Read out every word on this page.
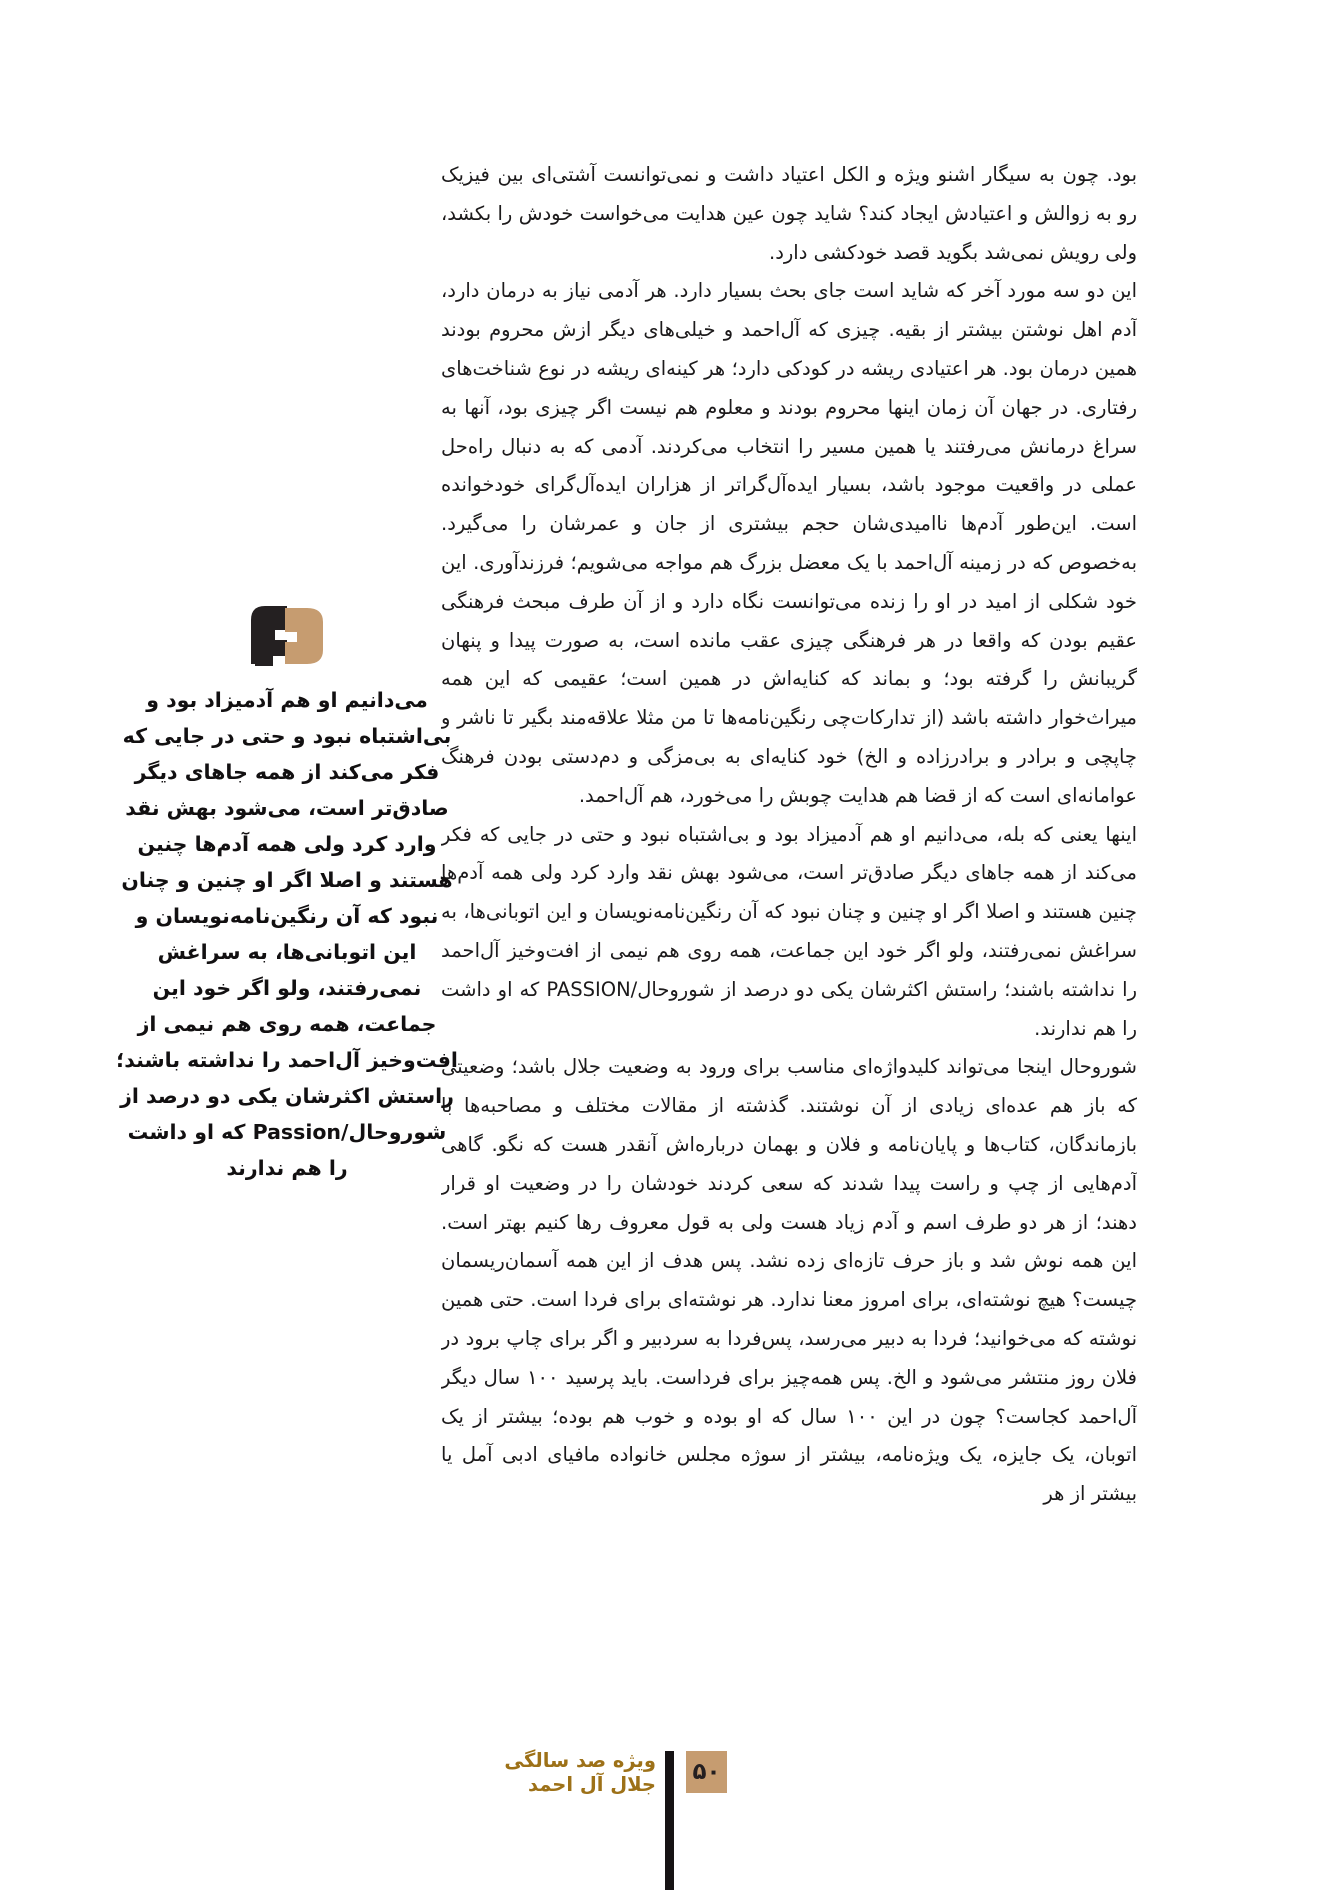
بود. چون به سیگار اشنو ویژه و الکل اعتیاد داشت و نمی‌توانست آشتی‌ای بین فیزیک رو به زوالش و اعتیادش ایجاد کند؟ شاید چون عین هدایت می‌خواست خودش را بکشد، ولی رویش نمی‌شد بگوید قصد خودکشی دارد.

این دو سه مورد آخر که شاید است جای بحث بسیار دارد. هر آدمی نیاز به درمان دارد، آدم اهل نوشتن بیشتر از بقیه. چیزی که آل‌احمد و خیلی‌های دیگر ازش محروم بودند همین درمان بود. هر اعتیادی ریشه در کودکی دارد؛ هر کینه‌ای ریشه در نوع شناخت‌های رفتاری. در جهان آن زمان اینها محروم بودند و معلوم هم نیست اگر چیزی بود، آنها به سراغ درمانش می‌رفتند یا همین مسیر را انتخاب می‌کردند. آدمی که به دنبال راه‌حل عملی در واقعیت موجود باشد، بسیار ایده‌آل‌گراتر از هزاران ایده‌آل‌گرای خودخوانده است. این‌طور آدم‌ها ناامیدی‌شان حجم بیشتری از جان و عمرشان را می‌گیرد. به‌خصوص که در زمینه آل‌احمد با یک معضل بزرگ هم مواجه می‌شویم؛ فرزندآوری. این خود شکلی از امید در او را زنده می‌توانست نگاه دارد و از آن طرف مبحث فرهنگی عقیم بودن که واقعا در هر فرهنگی چیزی عقب مانده است، به صورت پیدا و پنهان گریبانش را گرفته بود؛ و بماند که کنایه‌اش در همین است؛ عقیمی که این همه میراث‌خوار داشته باشد (از تدارکات‌چی رنگین‌نامه‌ها تا من مثلا علاقه‌مند بگیر تا ناشر و چاپچی و برادر و برادرزاده و الخ) خود کنایه‌ای به بی‌مزگی و دم‌دستی بودن فرهنگ عوامانه‌ای است که از قضا هم هدایت چوبش را می‌خورد، هم آل‌احمد.

اینها یعنی که بله، می‌دانیم او هم آدمیزاد بود و بی‌اشتباه نبود و حتی در جایی که فکر می‌کند از همه جاهای دیگر صادق‌تر است، می‌شود بهش نقد وارد کرد ولی همه آدم‌ها چنین هستند و اصلا اگر او چنین و چنان نبود که آن رنگین‌نامه‌نویسان و این اتوبانی‌ها، به سراغش نمی‌رفتند، ولو اگر خود این جماعت، همه روی هم نیمی از افت‌وخیز آل‌احمد را نداشته باشند؛ راستش اکثرشان یکی دو درصد از شوروحال/PASSION که او داشت را هم ندارند.

شوروحال اینجا می‌تواند کلیدواژه‌ای مناسب برای ورود به وضعیت جلال باشد؛ وضعیتی که باز هم عده‌ای زیادی از آن نوشتند. گذشته از مقالات مختلف و مصاحبه‌ها با بازماندگان، کتاب‌ها و پایان‌نامه و فلان و بهمان درباره‌اش آنقدر هست که نگو. گاهی آدم‌هایی از چپ و راست پیدا شدند که سعی کردند خودشان را در وضعیت او قرار دهند؛ از هر دو طرف اسم و آدم زیاد هست ولی به قول معروف رها کنیم بهتر است. این همه نوش شد و باز حرف تازه‌ای زده نشد. پس هدف از این همه آسمان‌ریسمان چیست؟ هیچ نوشته‌ای، برای امروز معنا ندارد. هر نوشته‌ای برای فردا است. حتی همین نوشته که می‌خوانید؛ فردا به دبیر می‌رسد، پس‌فردا به سردبیر و اگر برای چاپ برود در فلان روز منتشر می‌شود و الخ. پس همه‌چیز برای فرداست. باید پرسید ۱۰۰ سال دیگر آل‌احمد کجاست؟ چون در این ۱۰۰ سال که او بوده و خوب هم بوده؛ بیشتر از یک اتوبان، یک جایزه، یک ویژه‌نامه، بیشتر از سوژه مجلس خانواده مافیای ادبی آمل یا بیشتر از هر

می‌دانیم او هم آدمیزاد بود و بی‌اشتباه نبود و حتی در جایی که فکر می‌کند از همه جاهای دیگر صادق‌تر است، می‌شود بهش نقد وارد کرد ولی همه آدم‌ها چنین هستند و اصلا اگر او چنین و چنان نبود که آن رنگین‌نامه‌نویسان و این اتوبانی‌ها، به سراغش نمی‌رفتند، ولو اگر خود این جماعت، همه روی هم نیمی از افت‌وخیز آل‌احمد را نداشته باشند؛ راستش اکثرشان یکی دو درصد از شوروحال/Passion که او داشت را هم ندارند
ویژه صد سالگی
جلال آل احمد ۵۰
